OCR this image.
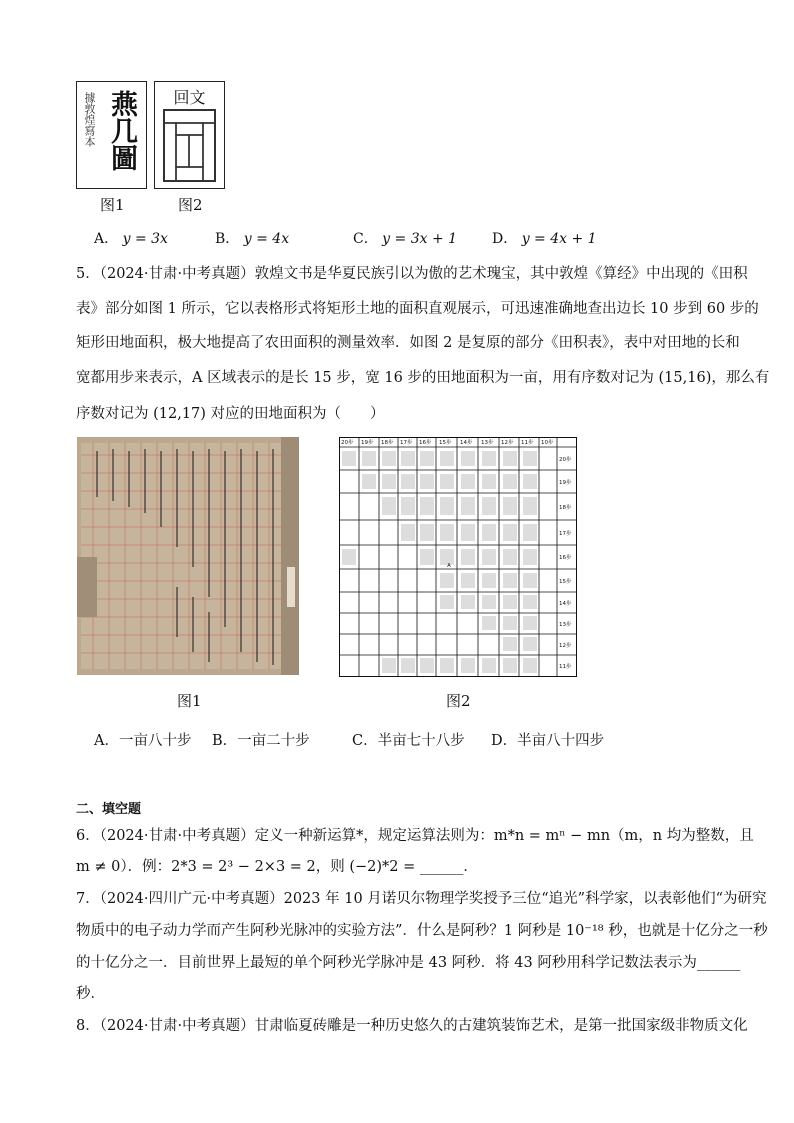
據敦煌寫本 燕几圖	回文
图1	图2
A． y = 3x	B． y = 4x	C． y = 3x + 1 D． y = 4x + 1
5．（2024·甘肃·中考真题）敦煌文书是华夏民族引以为傲的艺术瑰宝，其中敦煌《算经》中出现的《田积
表》部分如图 1 所示，它以表格形式将矩形土地的面积直观展示，可迅速准确地查出边长 10 步到 60 步的
矩形田地面积，极大地提高了农田面积的测量效率．如图 2 是复原的部分《田积表》，表中对田地的长和
宽都用步来表示，A 区域表示的是长 15 步，宽 16 步的田地面积为一亩，用有序数对记为 (15,16)，那么有
序数对记为 (12,17) 对应的田地面积为（　　）
A
20步 19步 18步 17步 16步 15步 14步 13步 12步 11步 10步
20步
19步
18步
17步
16步
15步
14步
13步
12步
11步
图1	图2
A．一亩八十步 B．一亩二十步	C．半亩七十八步 D．半亩八十四步
二、填空题
6．（2024·甘肃·中考真题）定义一种新运算*，规定运算法则为：m*n = mⁿ − mn（m，n 均为整数，且
m ≠ 0）．例：2*3 = 2³ − 2×3 = 2，则 (−2)*2 = ______．
7．（2024·四川广元·中考真题）2023 年 10 月诺贝尔物理学奖授予三位“追光”科学家，以表彰他们“为研究
物质中的电子动力学而产生阿秒光脉冲的实验方法”．什么是阿秒？1 阿秒是 10⁻¹⁸ 秒，也就是十亿分之一秒
的十亿分之一．目前世界上最短的单个阿秒光学脉冲是 43 阿秒．将 43 阿秒用科学记数法表示为______
秒．
8．（2024·甘肃·中考真题）甘肃临夏砖雕是一种历史悠久的古建筑装饰艺术，是第一批国家级非物质文化
